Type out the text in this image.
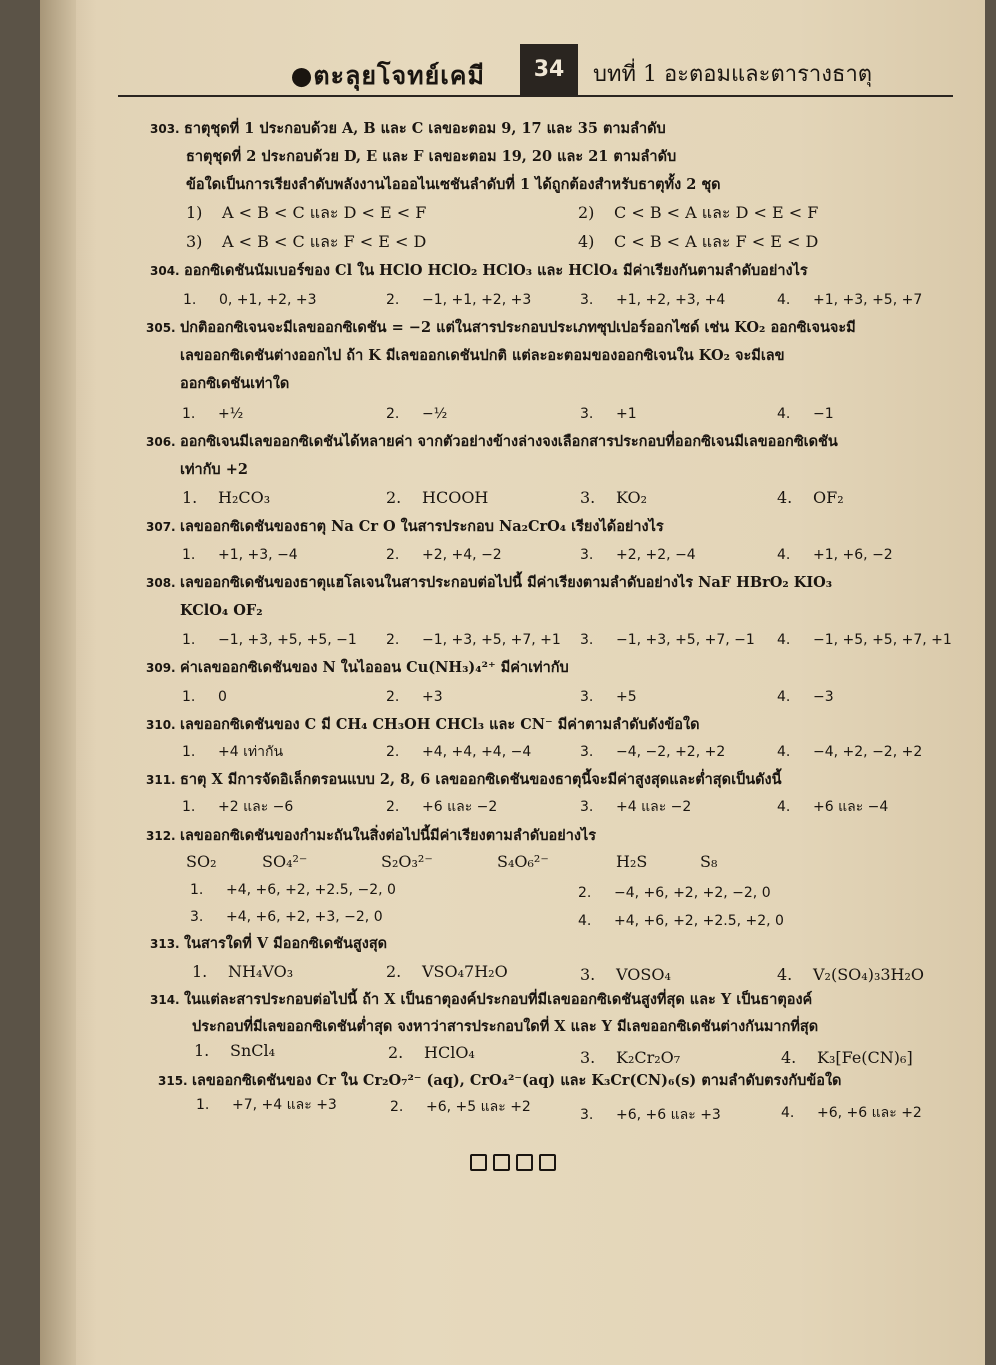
●ตะลุยโจทย์เคมี	34	บทที่ 1 อะตอมและตารางธาตุ
303. ธาตุชุดที่ 1 ประกอบด้วย A, B และ C เลขอะตอม 9, 17 และ 35 ตามลำดับ
ธาตุชุดที่ 2 ประกอบด้วย D, E และ F เลขอะตอม 19, 20 และ 21 ตามลำดับ
ข้อใดเป็นการเรียงลำดับพลังงานไอออไนเซชันลำดับที่ 1 ได้ถูกต้องสำหรับธาตุทั้ง 2 ชุด
1) A < B < C และ D < E < F	2) C < B < A และ D < E < F
3) A < B < C และ F < E < D	4) C < B < A และ F < E < D
304. ออกซิเดชันนัมเบอร์ของ Cl ใน HClO HClO₂ HClO₃ และ HClO₄ มีค่าเรียงกันตามลำดับอย่างไร
1. 0, +1, +2, +3	2. −1, +1, +2, +3	3. +1, +2, +3, +4	4. +1, +3, +5, +7
305. ปกติออกซิเจนจะมีเลขออกซิเดชัน = −2 แต่ในสารประกอบประเภทซุปเปอร์ออกไซด์ เช่น KO₂ ออกซิเจนจะมี
เลขออกซิเดชันต่างออกไป ถ้า K มีเลขออกเดชันปกติ แต่ละอะตอมของออกซิเจนใน KO₂ จะมีเลข
ออกซิเดชันเท่าใด
1. +½	2. −½	3. +1	4. −1
306. ออกซิเจนมีเลขออกซิเดชันได้หลายค่า จากตัวอย่างข้างล่างจงเลือกสารประกอบที่ออกซิเจนมีเลขออกซิเดชัน
เท่ากับ +2
1. H₂CO₃	2. HCOOH	3. KO₂	4. OF₂
307. เลขออกซิเดชันของธาตุ Na Cr O ในสารประกอบ Na₂CrO₄ เรียงได้อย่างไร
1. +1, +3, −4	2. +2, +4, −2	3. +2, +2, −4	4. +1, +6, −2
308. เลขออกซิเดชันของธาตุแฮโลเจนในสารประกอบต่อไปนี้ มีค่าเรียงตามลำดับอย่างไร NaF HBrO₂ KIO₃
KClO₄ OF₂
1. −1, +3, +5, +5, −1 2. −1, +3, +5, +7, +1 3. −1, +3, +5, +7, −1 4. −1, +5, +5, +7, +1
309. ค่าเลขออกซิเดชันของ N ในไอออน Cu(NH₃)₄²⁺ มีค่าเท่ากับ
1. 0	2. +3	3. +5	4. −3
310. เลขออกซิเดชันของ C มี CH₄ CH₃OH CHCl₃ และ CN⁻ มีค่าตามลำดับดังข้อใด
1. +4 เท่ากัน	2. +4, +4, +4, −4	3. −4, −2, +2, +2	4. −4, +2, −2, +2
311. ธาตุ X มีการจัดอิเล็กตรอนแบบ 2, 8, 6 เลขออกซิเดชันของธาตุนี้จะมีค่าสูงสุดและต่ำสุดเป็นดังนี้
1. +2 และ −6	2. +6 และ −2	3. +4 และ −2	4. +6 และ −4
312. เลขออกซิเดชันของกำมะถันในสิ่งต่อไปนี้มีค่าเรียงตามลำดับอย่างไร
SO₂	SO₄²⁻	S₂O₃²⁻	S₄O₆²⁻	H₂S	S₈
1. +4, +6, +2, +2.5, −2, 0	2. −4, +6, +2, +2, −2, 0
3. +4, +6, +2, +3, −2, 0	4. +4, +6, +2, +2.5, +2, 0
313. ในสารใดที่ V มีออกซิเดชันสูงสุด
1. NH₄VO₃	2. VSO₄7H₂O	3. VOSO₄	4. V₂(SO₄)₃3H₂O
314. ในแต่ละสารประกอบต่อไปนี้ ถ้า X เป็นธาตุองค์ประกอบที่มีเลขออกซิเดชันสูงที่สุด และ Y เป็นธาตุองค์
ประกอบที่มีเลขออกซิเดชันต่ำสุด จงหาว่าสารประกอบใดที่ X และ Y มีเลขออกซิเดชันต่างกันมากที่สุด
1. SnCl₄	2. HClO₄	3. K₂Cr₂O₇	4. K₃[Fe(CN)₆]
315. เลขออกซิเดชันของ Cr ใน Cr₂O₇²⁻ (aq), CrO₄²⁻(aq) และ K₃Cr(CN)₆(s) ตามลำดับตรงกับข้อใด
1. +7, +4 และ +3	2. +6, +5 และ +2	3. +6, +6 และ +3	4. +6, +6 และ +2
